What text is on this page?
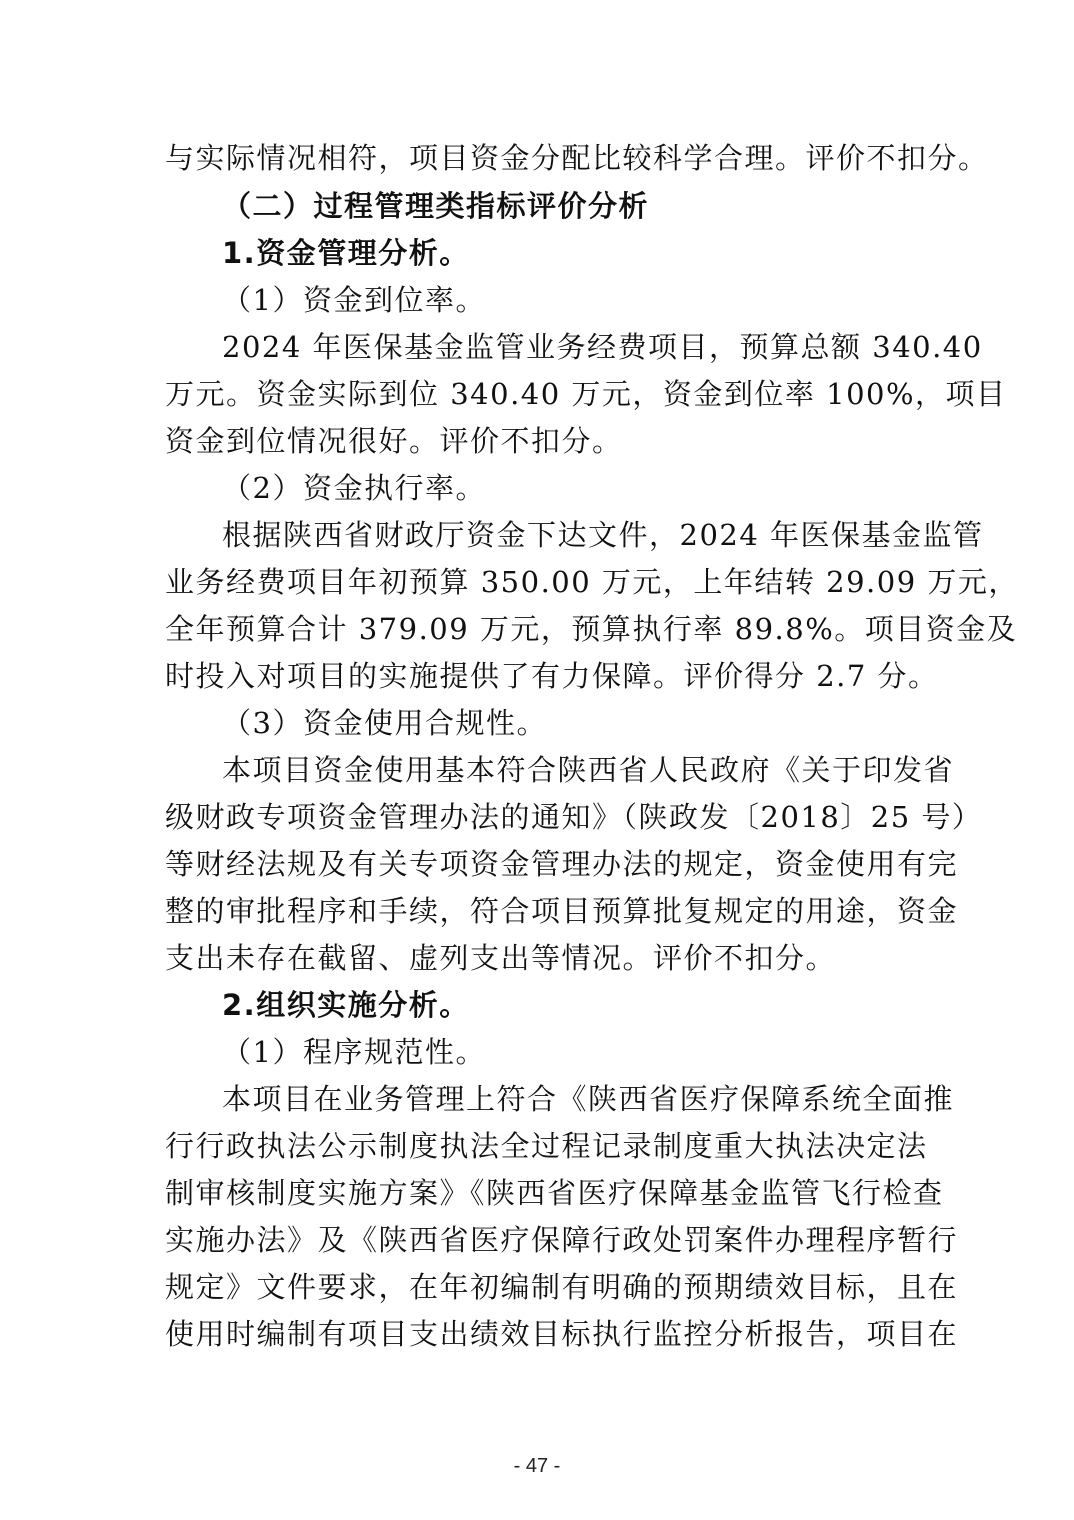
与实际情况相符，项目资金分配比较科学合理。评价不扣分。
（二）过程管理类指标评价分析
1.资金管理分析。
（1）资金到位率。
2024 年医保基金监管业务经费项目，预算总额 340.40
万元。资金实际到位 340.40 万元，资金到位率 100%，项目
资金到位情况很好。评价不扣分。
（2）资金执行率。
根据陕西省财政厅资金下达文件，2024 年医保基金监管
业务经费项目年初预算 350.00 万元，上年结转 29.09 万元，
全年预算合计 379.09 万元，预算执行率 89.8%。项目资金及
时投入对项目的实施提供了有力保障。评价得分 2.7 分。
（3）资金使用合规性。
本项目资金使用基本符合陕西省人民政府《关于印发省
级财政专项资金管理办法的通知》（陕政发〔2018〕25 号）
等财经法规及有关专项资金管理办法的规定，资金使用有完
整的审批程序和手续，符合项目预算批复规定的用途，资金
支出未存在截留、虚列支出等情况。评价不扣分。
2.组织实施分析。
（1）程序规范性。
本项目在业务管理上符合《陕西省医疗保障系统全面推
行行政执法公示制度执法全过程记录制度重大执法决定法
制审核制度实施方案》《陕西省医疗保障基金监管飞行检查
实施办法》及《陕西省医疗保障行政处罚案件办理程序暂行
规定》文件要求，在年初编制有明确的预期绩效目标，且在
使用时编制有项目支出绩效目标执行监控分析报告，项目在
- 47 -
